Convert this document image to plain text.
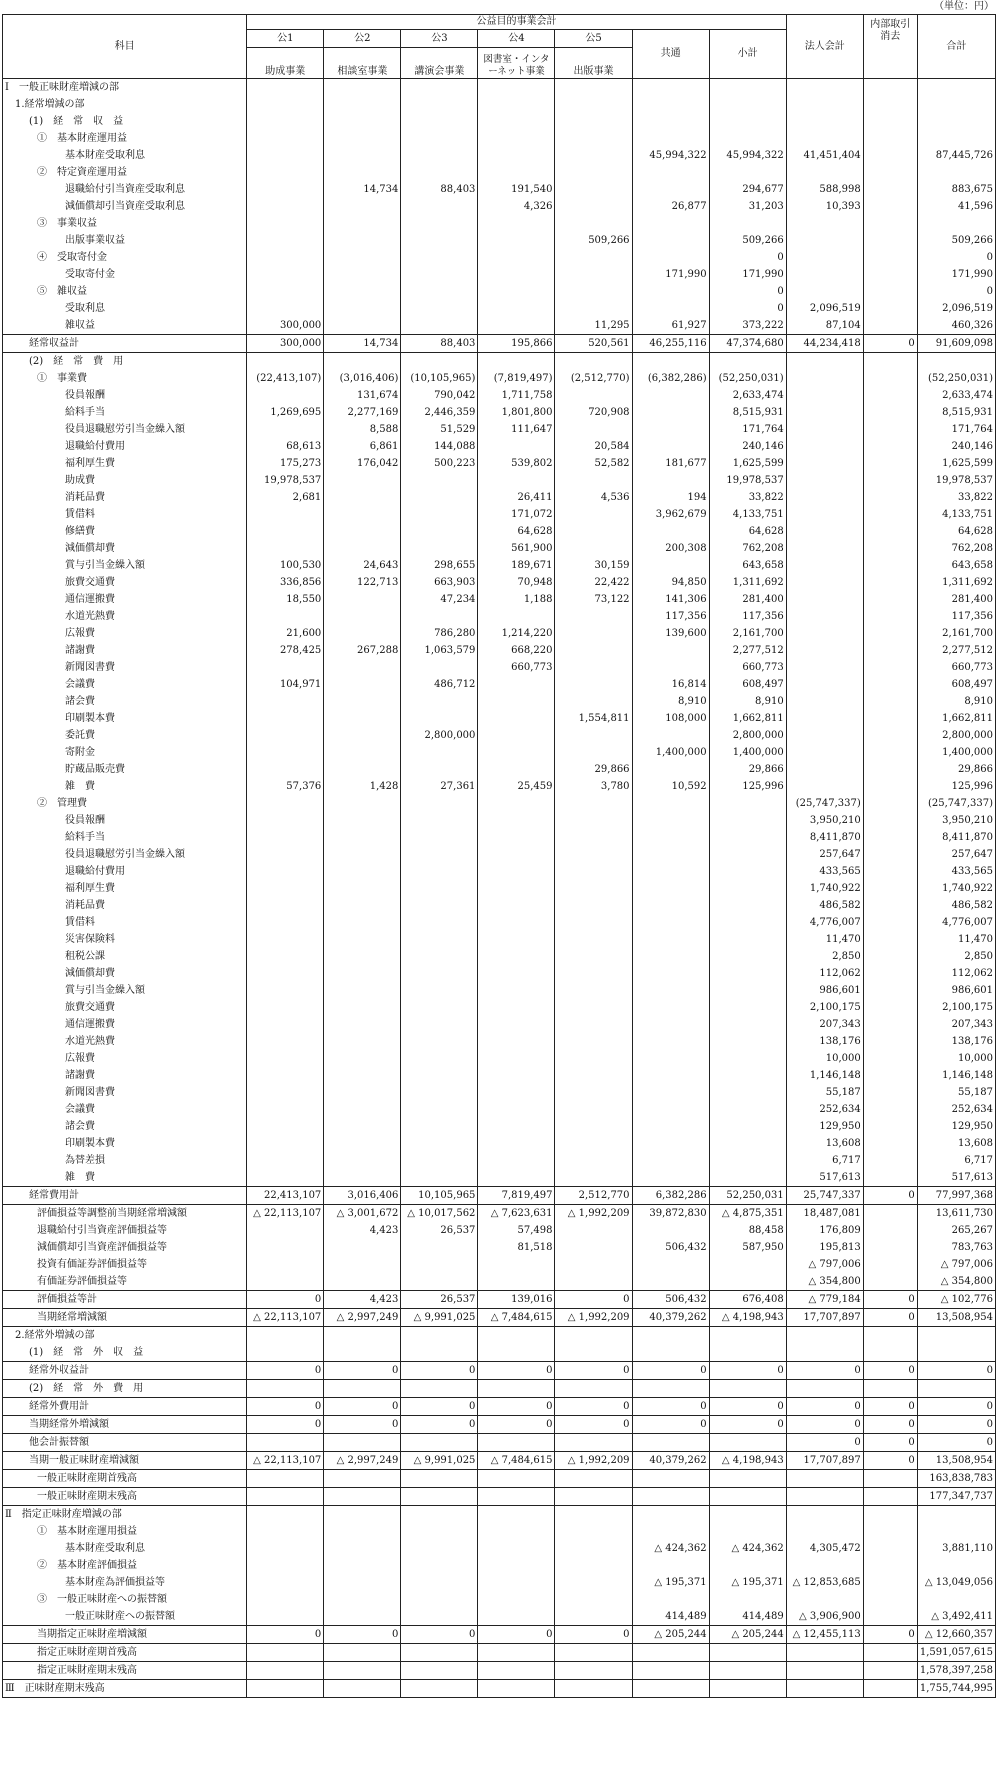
（単位：円）
科目	公益目的事業会計							法人会計	内部取引消去	合計
	公1	公2	公3	公4	公5	共通	小計			
	助成事業	相談室事業	講演会事業	図書室・インターネット事業	出版事業					
Ⅰ　一般正味財産増減の部										
1.経常増減の部										
(1)　経　常　収　益										
①　基本財産運用益										
基本財産受取利息						45,994,322	45,994,322	41,451,404		87,445,726
②　特定資産運用益										
退職給付引当資産受取利息		14,734	88,403	191,540			294,677	588,998		883,675
減価償却引当資産受取利息				4,326		26,877	31,203	10,393		41,596
③　事業収益										
出版事業収益					509,266		509,266			509,266
④　受取寄付金							0			0
受取寄付金						171,990	171,990			171,990
⑤　雑収益							0			0
受取利息							0	2,096,519		2,096,519
雑収益	300,000				11,295	61,927	373,222	87,104		460,326
経常収益計	300,000	14,734	88,403	195,866	520,561	46,255,116	47,374,680	44,234,418	0	91,609,098
(2)　経　常　費　用										
①　事業費	(22,413,107)	(3,016,406)	(10,105,965)	(7,819,497)	(2,512,770)	(6,382,286)	(52,250,031)			(52,250,031)
役員報酬		131,674	790,042	1,711,758			2,633,474			2,633,474
給料手当	1,269,695	2,277,169	2,446,359	1,801,800	720,908		8,515,931			8,515,931
役員退職慰労引当金繰入額		8,588	51,529	111,647			171,764			171,764
退職給付費用	68,613	6,861	144,088		20,584		240,146			240,146
福利厚生費	175,273	176,042	500,223	539,802	52,582	181,677	1,625,599			1,625,599
助成費	19,978,537						19,978,537			19,978,537
消耗品費	2,681			26,411	4,536	194	33,822			33,822
賃借料				171,072		3,962,679	4,133,751			4,133,751
修繕費				64,628			64,628			64,628
減価償却費				561,900		200,308	762,208			762,208
賞与引当金繰入額	100,530	24,643	298,655	189,671	30,159		643,658			643,658
旅費交通費	336,856	122,713	663,903	70,948	22,422	94,850	1,311,692			1,311,692
通信運搬費	18,550		47,234	1,188	73,122	141,306	281,400			281,400
水道光熱費						117,356	117,356			117,356
広報費	21,600		786,280	1,214,220		139,600	2,161,700			2,161,700
諸謝費	278,425	267,288	1,063,579	668,220			2,277,512			2,277,512
新聞図書費				660,773			660,773			660,773
会議費	104,971		486,712			16,814	608,497			608,497
諸会費						8,910	8,910			8,910
印刷製本費					1,554,811	108,000	1,662,811			1,662,811
委託費			2,800,000				2,800,000			2,800,000
寄附金						1,400,000	1,400,000			1,400,000
貯蔵品販売費					29,866		29,866			29,866
雑　費	57,376	1,428	27,361	25,459	3,780	10,592	125,996			125,996
②　管理費								(25,747,337)		(25,747,337)
役員報酬								3,950,210		3,950,210
給料手当								8,411,870		8,411,870
役員退職慰労引当金繰入額								257,647		257,647
退職給付費用								433,565		433,565
福利厚生費								1,740,922		1,740,922
消耗品費								486,582		486,582
賃借料								4,776,007		4,776,007
災害保険料								11,470		11,470
租税公課								2,850		2,850
減価償却費								112,062		112,062
賞与引当金繰入額								986,601		986,601
旅費交通費								2,100,175		2,100,175
通信運搬費								207,343		207,343
水道光熱費								138,176		138,176
広報費								10,000		10,000
諸謝費								1,146,148		1,146,148
新聞図書費								55,187		55,187
会議費								252,634		252,634
諸会費								129,950		129,950
印刷製本費								13,608		13,608
為替差損								6,717		6,717
雑　費								517,613		517,613
経常費用計	22,413,107	3,016,406	10,105,965	7,819,497	2,512,770	6,382,286	52,250,031	25,747,337	0	77,997,368
評価損益等調整前当期経常増減額	△ 22,113,107	△ 3,001,672	△ 10,017,562	△ 7,623,631	△ 1,992,209	39,872,830	△ 4,875,351	18,487,081		13,611,730
退職給付引当資産評価損益等		4,423	26,537	57,498			88,458	176,809		265,267
減価償却引当資産評価損益等				81,518		506,432	587,950	195,813		783,763
投資有価証券評価損益等								△ 797,006		△ 797,006
有価証券評価損益等								△ 354,800		△ 354,800
評価損益等計	0	4,423	26,537	139,016	0	506,432	676,408	△ 779,184	0	△ 102,776
当期経常増減額	△ 22,113,107	△ 2,997,249	△ 9,991,025	△ 7,484,615	△ 1,992,209	40,379,262	△ 4,198,943	17,707,897	0	13,508,954
2.経常外増減の部										
(1)　経　常　外　収　益										
経常外収益計	0	0	0	0	0	0	0	0	0	0
(2)　経　常　外　費　用										
経常外費用計	0	0	0	0	0	0	0	0	0	0
当期経常外増減額	0	0	0	0	0	0	0	0	0	0
他会計振替額								0	0	0
当期一般正味財産増減額	△ 22,113,107	△ 2,997,249	△ 9,991,025	△ 7,484,615	△ 1,992,209	40,379,262	△ 4,198,943	17,707,897	0	13,508,954
一般正味財産期首残高										163,838,783
一般正味財産期末残高										177,347,737
Ⅱ　指定正味財産増減の部										
①　基本財産運用損益										
基本財産受取利息						△ 424,362	△ 424,362	4,305,472		3,881,110
②　基本財産評価損益										
基本財産為評価損益等						△ 195,371	△ 195,371	△ 12,853,685		△ 13,049,056
③　一般正味財産への振替額										
一般正味財産への振替額						414,489	414,489	△ 3,906,900		△ 3,492,411
当期指定正味財産増減額	0	0	0	0	0	△ 205,244	△ 205,244	△ 12,455,113	0	△ 12,660,357
指定正味財産期首残高										1,591,057,615
指定正味財産期末残高										1,578,397,258
Ⅲ　正味財産期末残高										1,755,744,995
